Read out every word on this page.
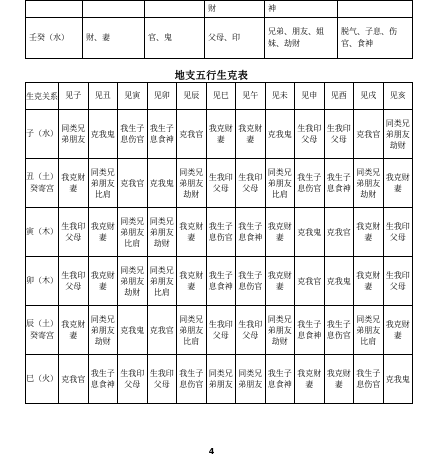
			财	神	
壬癸（水）	财、妻	官、鬼	父母、印	兄弟、朋友、姐妹、劫财	脱气、子息、伤官、食神
地支五行生克表
生克关系	见子	见丑	见寅	见卯	见辰	见巳	见午	见未	见申	见酉	见戌	见亥
子（水）	同类兄弟朋友	克我鬼	我生子息伤官	我生子息食神	克我官	我克财妻	我克财妻	克我鬼	生我印父母	生我印父母	克我官	同类兄弟朋友劫财
丑（土）癸寄宫	我克财妻	同类兄弟朋友比肩	克我官	克我鬼	同类兄弟朋友劫财	生我印父母	生我印父母	同类兄弟朋友比肩	我生子息伤官	我生子息食神	同类兄弟朋友劫财	我克财妻
寅（木）	生我印父母	我克财妻	同类兄弟朋友比肩	同类兄弟朋友劫财	我克财妻	我生子息伤官	我生子息食神	我克财妻	克我鬼	克我官	我克财妻	生我印父母
卯（木）	生我印父母	我克财妻	同类兄弟朋友劫财	同类兄弟朋友比肩	我克财妻	我生子息食神	我生子息伤官	我克财妻	克我官	克我鬼	我克财妻	生我印父母
辰（土）癸寄宫	我克财妻	同类兄弟朋友劫财	克我鬼	克我官	同类兄弟朋友比肩	生我印父母	生我印父母	同类兄弟朋友劫财	我生子息食神	我生子息伤官	同类兄弟朋友比肩	我克财妻
巳（火）	克我官	我生子息食神	生我印父母	生我印父母	我生子息伤官	同类兄弟朋友	同类兄弟朋友	我生子息食神	我克财妻	我克财妻	我生子息伤官	克我鬼
4
